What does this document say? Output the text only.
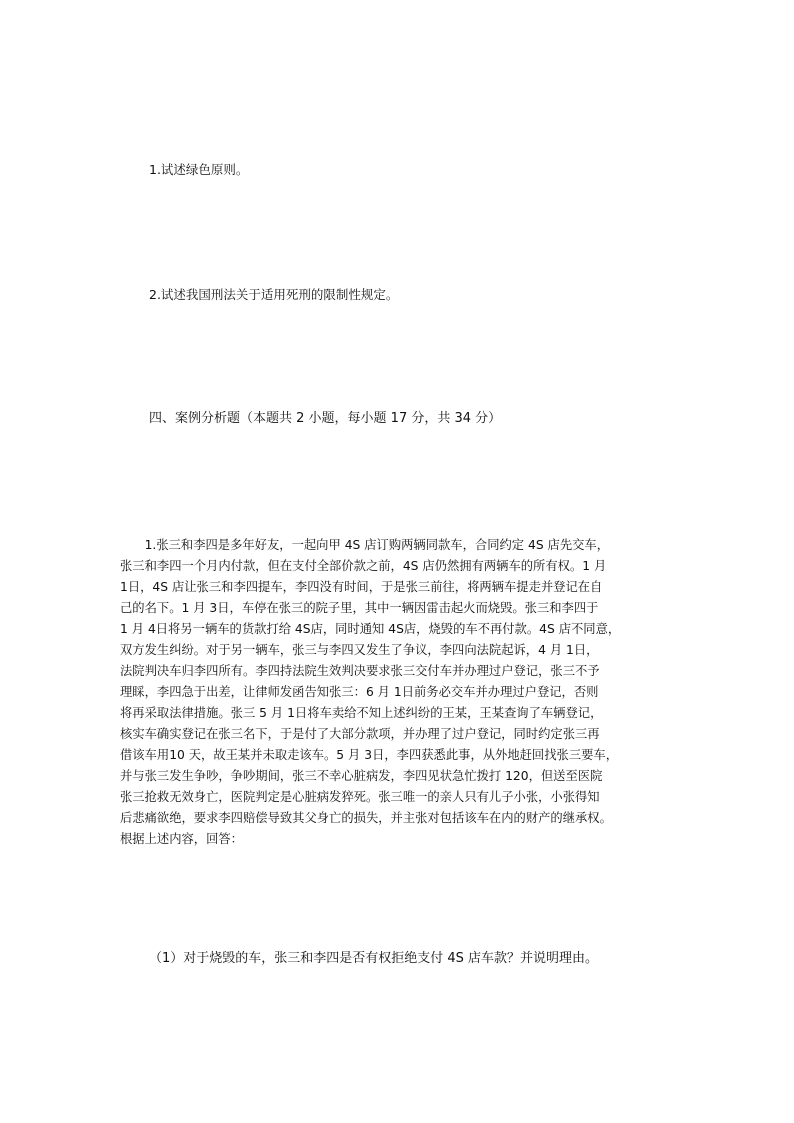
1.试述绿色原则。
2.试述我国刑法关于适用死刑的限制性规定。
四、案例分析题（本题共 2 小题，每小题 17 分，共 34 分）
　　1.张三和李四是多年好友，一起向甲 4S 店订购两辆同款车，合同约定 4S 店先交车，
张三和李四一个月内付款，但在支付全部价款之前，4S 店仍然拥有两辆车的所有权。1 月
1日，4S 店让张三和李四提车，李四没有时间，于是张三前往，将两辆车提走并登记在自
己的名下。1 月 3日，车停在张三的院子里，其中一辆因雷击起火而烧毁。张三和李四于
1 月 4日将另一辆车的货款打给 4S店，同时通知 4S店，烧毁的车不再付款。4S 店不同意，
双方发生纠纷。对于另一辆车，张三与李四又发生了争议，李四向法院起诉，4 月 1日，
法院判决车归李四所有。李四持法院生效判决要求张三交付车并办理过户登记，张三不予
理睬，李四急于出差，让律师发函告知张三：6 月 1日前务必交车并办理过户登记，否则
将再采取法律措施。张三 5 月 1日将车卖给不知上述纠纷的王某，王某查询了车辆登记，
核实车确实登记在张三名下，于是付了大部分款项，并办理了过户登记，同时约定张三再
借该车用10 天，故王某并未取走该车。5 月 3日，李四获悉此事，从外地赶回找张三要车，
并与张三发生争吵，争吵期间，张三不幸心脏病发，李四见状急忙拨打 120，但送至医院
张三抢救无效身亡，医院判定是心脏病发猝死。张三唯一的亲人只有儿子小张，小张得知
后悲痛欲绝，要求李四赔偿导致其父身亡的损失，并主张对包括该车在内的财产的继承权。
根据上述内容，回答：
（1）对于烧毁的车，张三和李四是否有权拒绝支付 4S 店车款？并说明理由。
